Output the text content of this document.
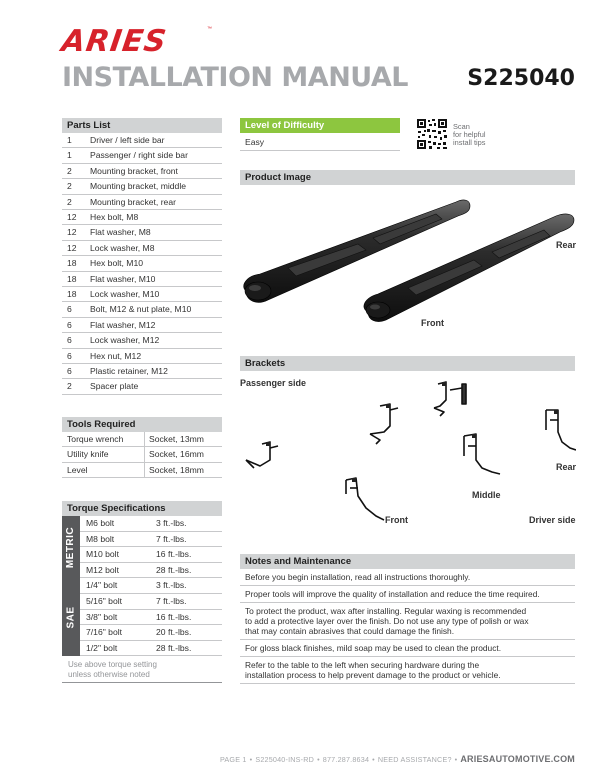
ARIES	™
INSTALLATION MANUAL	S225040
Parts List
1 Driver / left side bar
1 Passenger / right side bar
2 Mounting bracket, front
2 Mounting bracket, middle
2 Mounting bracket, rear
12 Hex bolt, M8
12 Flat washer, M8
12 Lock washer, M8
18 Hex bolt, M10
18 Flat washer, M10
18 Lock washer, M10
6 Bolt, M12 & nut plate, M10
6 Flat washer, M12
6 Lock washer, M12
6 Hex nut, M12
6 Plastic retainer, M12
2 Spacer plate
Tools Required
Torque wrench	Socket, 13mm
Utility knife	Socket, 16mm
Level	Socket, 18mm
Torque Specifications
METRIC
SAE
M6 bolt	3 ft.-lbs.
M8 bolt	7 ft.-lbs.
M10 bolt	16 ft.-lbs.
M12 bolt	28 ft.-lbs.
1/4" bolt	3 ft.-lbs.
5/16" bolt	7 ft.-lbs.
3/8" bolt	16 ft.-lbs.
7/16" bolt	20 ft.-lbs.
1/2" bolt	28 ft.-lbs.
Use above torque setting
unless otherwise noted
Level of Difficulty
Easy
Scan
for helpful
install tips
Product Image
Rear
Front
Brackets
Passenger side
Front
Middle
Rear
Driver side
Notes and Maintenance
Before you begin installation, read all instructions thoroughly.
Proper tools will improve the quality of installation and reduce the time required.
To protect the product, wax after installing. Regular waxing is recommended
to add a protective layer over the finish. Do not use any type of polish or wax
that may contain abrasives that could damage the finish.
For gloss black finishes, mild soap may be used to clean the product.
Refer to the table to the left when securing hardware during the
installation process to help prevent damage to the product or vehicle.
PAGE 1 • S225040-INS-RD • 877.287.8634 • NEED ASSISTANCE? • ARIESAUTOMOTIVE.COM
